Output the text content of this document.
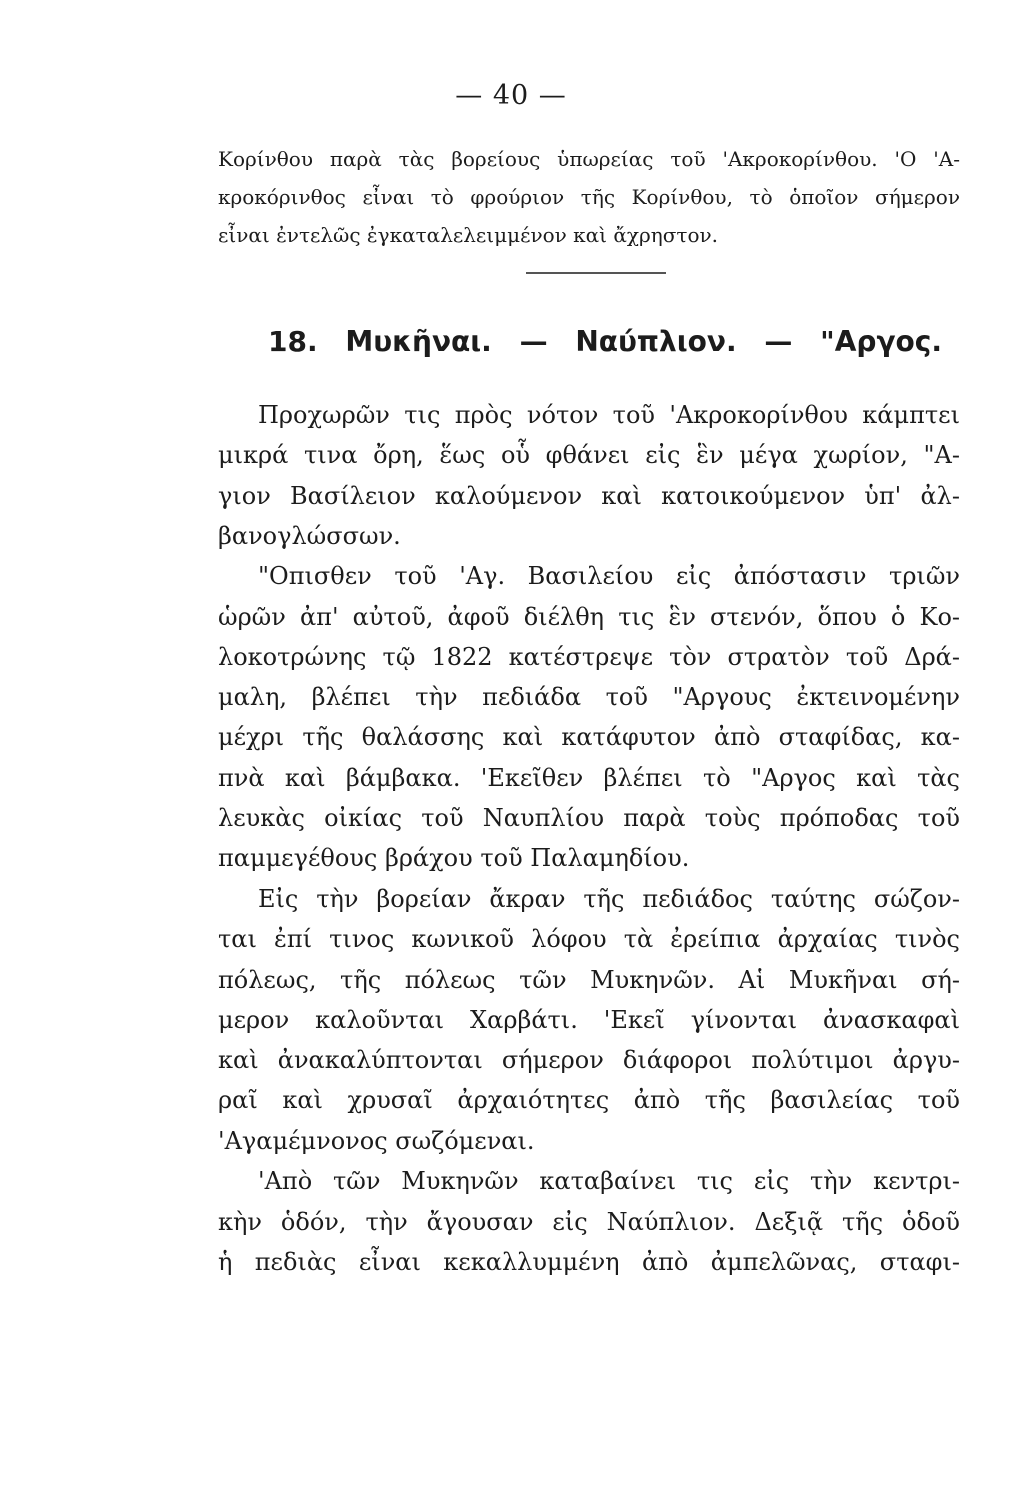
— 40 —
Κορίνθου παρὰ τὰς βορείους ὑπωρείας τοῦ 'Ακροκορίνθου. 'Ο 'Α-
κροκόρινθος εἶναι τὸ φρούριον τῆς Κορίνθου, τὸ ὁποῖον σήμερον
εἶναι ἐντελῶς ἐγκαταλελειμμένον καὶ ἄχρηστον.
18. Μυκῆναι. — Ναύπλιον. — "Αργος.
Προχωρῶν τις πρὸς νότον τοῦ 'Ακροκορίνθου κάμπτει
μικρά τινα ὄρη, ἕως οὗ φθάνει εἰς ἓν μέγα χωρίον, "Α-
γιον Βασίλειον καλούμενον καὶ κατοικούμενον ὑπ' ἀλ-
βανογλώσσων.
"Οπισθεν τοῦ 'Αγ. Βασιλείου εἰς ἀπόστασιν τριῶν
ὡρῶν ἀπ' αὐτοῦ, ἀφοῦ διέλθη τις ἓν στενόν, ὅπου ὁ Κο-
λοκοτρώνης τῷ 1822 κατέστρεψε τὸν στρατὸν τοῦ Δρά-
μαλη, βλέπει τὴν πεδιάδα τοῦ "Αργους ἐκτεινομένην
μέχρι τῆς θαλάσσης καὶ κατάφυτον ἀπὸ σταφίδας, κα-
πνὰ καὶ βάμβακα. 'Εκεῖθεν βλέπει τὸ "Αργος καὶ τὰς
λευκὰς οἰκίας τοῦ Ναυπλίου παρὰ τοὺς πρόποδας τοῦ
παμμεγέθους βράχου τοῦ Παλαμηδίου.
Εἰς τὴν βορείαν ἄκραν τῆς πεδιάδος ταύτης σώζον-
ται ἐπί τινος κωνικοῦ λόφου τὰ ἐρείπια ἀρχαίας τινὸς
πόλεως, τῆς πόλεως τῶν Μυκηνῶν. Αἱ Μυκῆναι σή-
μερον καλοῦνται Χαρβάτι. 'Εκεῖ γίνονται ἀνασκαφαὶ
καὶ ἀνακαλύπτονται σήμερον διάφοροι πολύτιμοι ἀργυ-
ραῖ καὶ χρυσαῖ ἀρχαιότητες ἀπὸ τῆς βασιλείας τοῦ
'Αγαμέμνονος σωζόμεναι.
'Απὸ τῶν Μυκηνῶν καταβαίνει τις εἰς τὴν κεντρι-
κὴν ὁδόν, τὴν ἄγουσαν εἰς Ναύπλιον. Δεξιᾷ τῆς ὁδοῦ
ἡ πεδιὰς εἶναι κεκαλλυμμένη ἀπὸ ἀμπελῶνας, σταφι-
